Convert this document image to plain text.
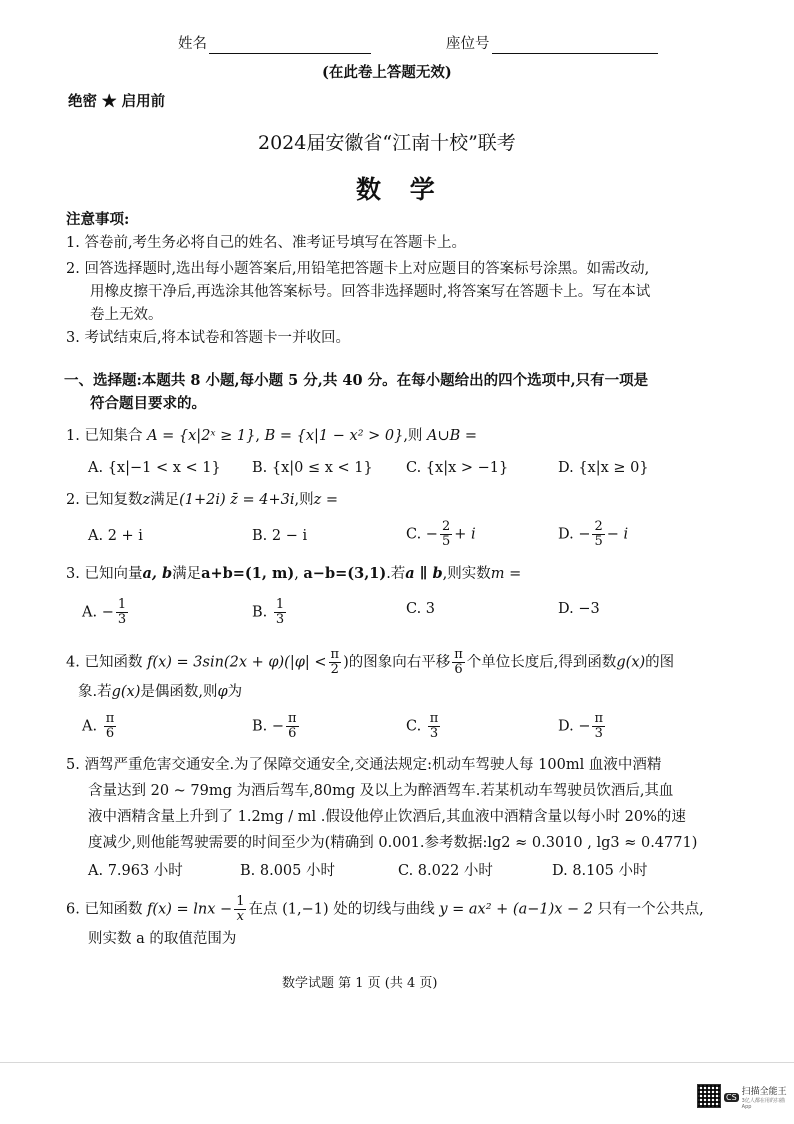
姓名	座位号
(在此卷上答题无效)
绝密 ★ 启用前
2024届安徽省“江南十校”联考
数 学
注意事项:
1. 答卷前,考生务必将自己的姓名、准考证号填写在答题卡上。
2. 回答选择题时,选出每小题答案后,用铅笔把答题卡上对应题目的答案标号涂黑。如需改动,
用橡皮擦干净后,再选涂其他答案标号。回答非选择题时,将答案写在答题卡上。写在本试
卷上无效。
3. 考试结束后,将本试卷和答题卡一并收回。
一、选择题:本题共 8 小题,每小题 5 分,共 40 分。在每小题给出的四个选项中,只有一项是
符合题目要求的。
1. 已知集合 A = {x|2ˣ ≥ 1}, B = {x|1 − x² > 0},则 A∪B =
A. {x|−1 < x < 1} B. {x|0 ≤ x < 1} C. {x|x > −1}	D. {x|x ≥ 0}
2. 已知复数z满足(1+2i) z̄ = 4+3i,则z =
A. 2 + i	B. 2 − i	C. − $\frac{2}{5} + i$	D. − $\frac{2}{5} - i$
3. 已知向量a, b满足a+b=(1, m), a−b=(3,1).若a ∥ b,则实数m =
A. − $\frac{1}{3}$	B. $\frac{1}{3}$	C. 3	D. −3
4. 已知函数 $f(x) = 3\sin(2x + \varphi)(|\varphi| < \frac{\pi}{2}$ )的图象向右平移 $\frac{\pi}{6}$ 个单位长度后,得到函数g(x)的图
象.若g(x)是偶函数,则φ为
A. $\frac{\pi}{6}$	B. − $\frac{\pi}{6}$	C. $\frac{\pi}{3}$	D. − $\frac{\pi}{3}$
5. 酒驾严重危害交通安全.为了保障交通安全,交通法规定:机动车驾驶人每 100ml 血液中酒精
含量达到 20 ~ 79mg 为酒后驾车,80mg 及以上为醉酒驾车.若某机动车驾驶员饮酒后,其血
液中酒精含量上升到了 1.2mg / ml .假设他停止饮酒后,其血液中酒精含量以每小时 20%的速
度减少,则他能驾驶需要的时间至少为(精确到 0.001.参考数据:lg2 ≈ 0.3010 , lg3 ≈ 0.4771)
A. 7.963 小时	B. 8.005 小时	C. 8.022 小时	D. 8.105 小时
6. 已知函数 $f(x) = \ln x - \frac{1}{x}$ 在点 (1,−1) 处的切线与曲线 y = ax² + (a−1)x − 2 只有一个公共点,
则实数 a 的取值范围为
数学试题 第 1 页 (共 4 页)
CS 扫描全能王
3亿人都在用的扫描App
